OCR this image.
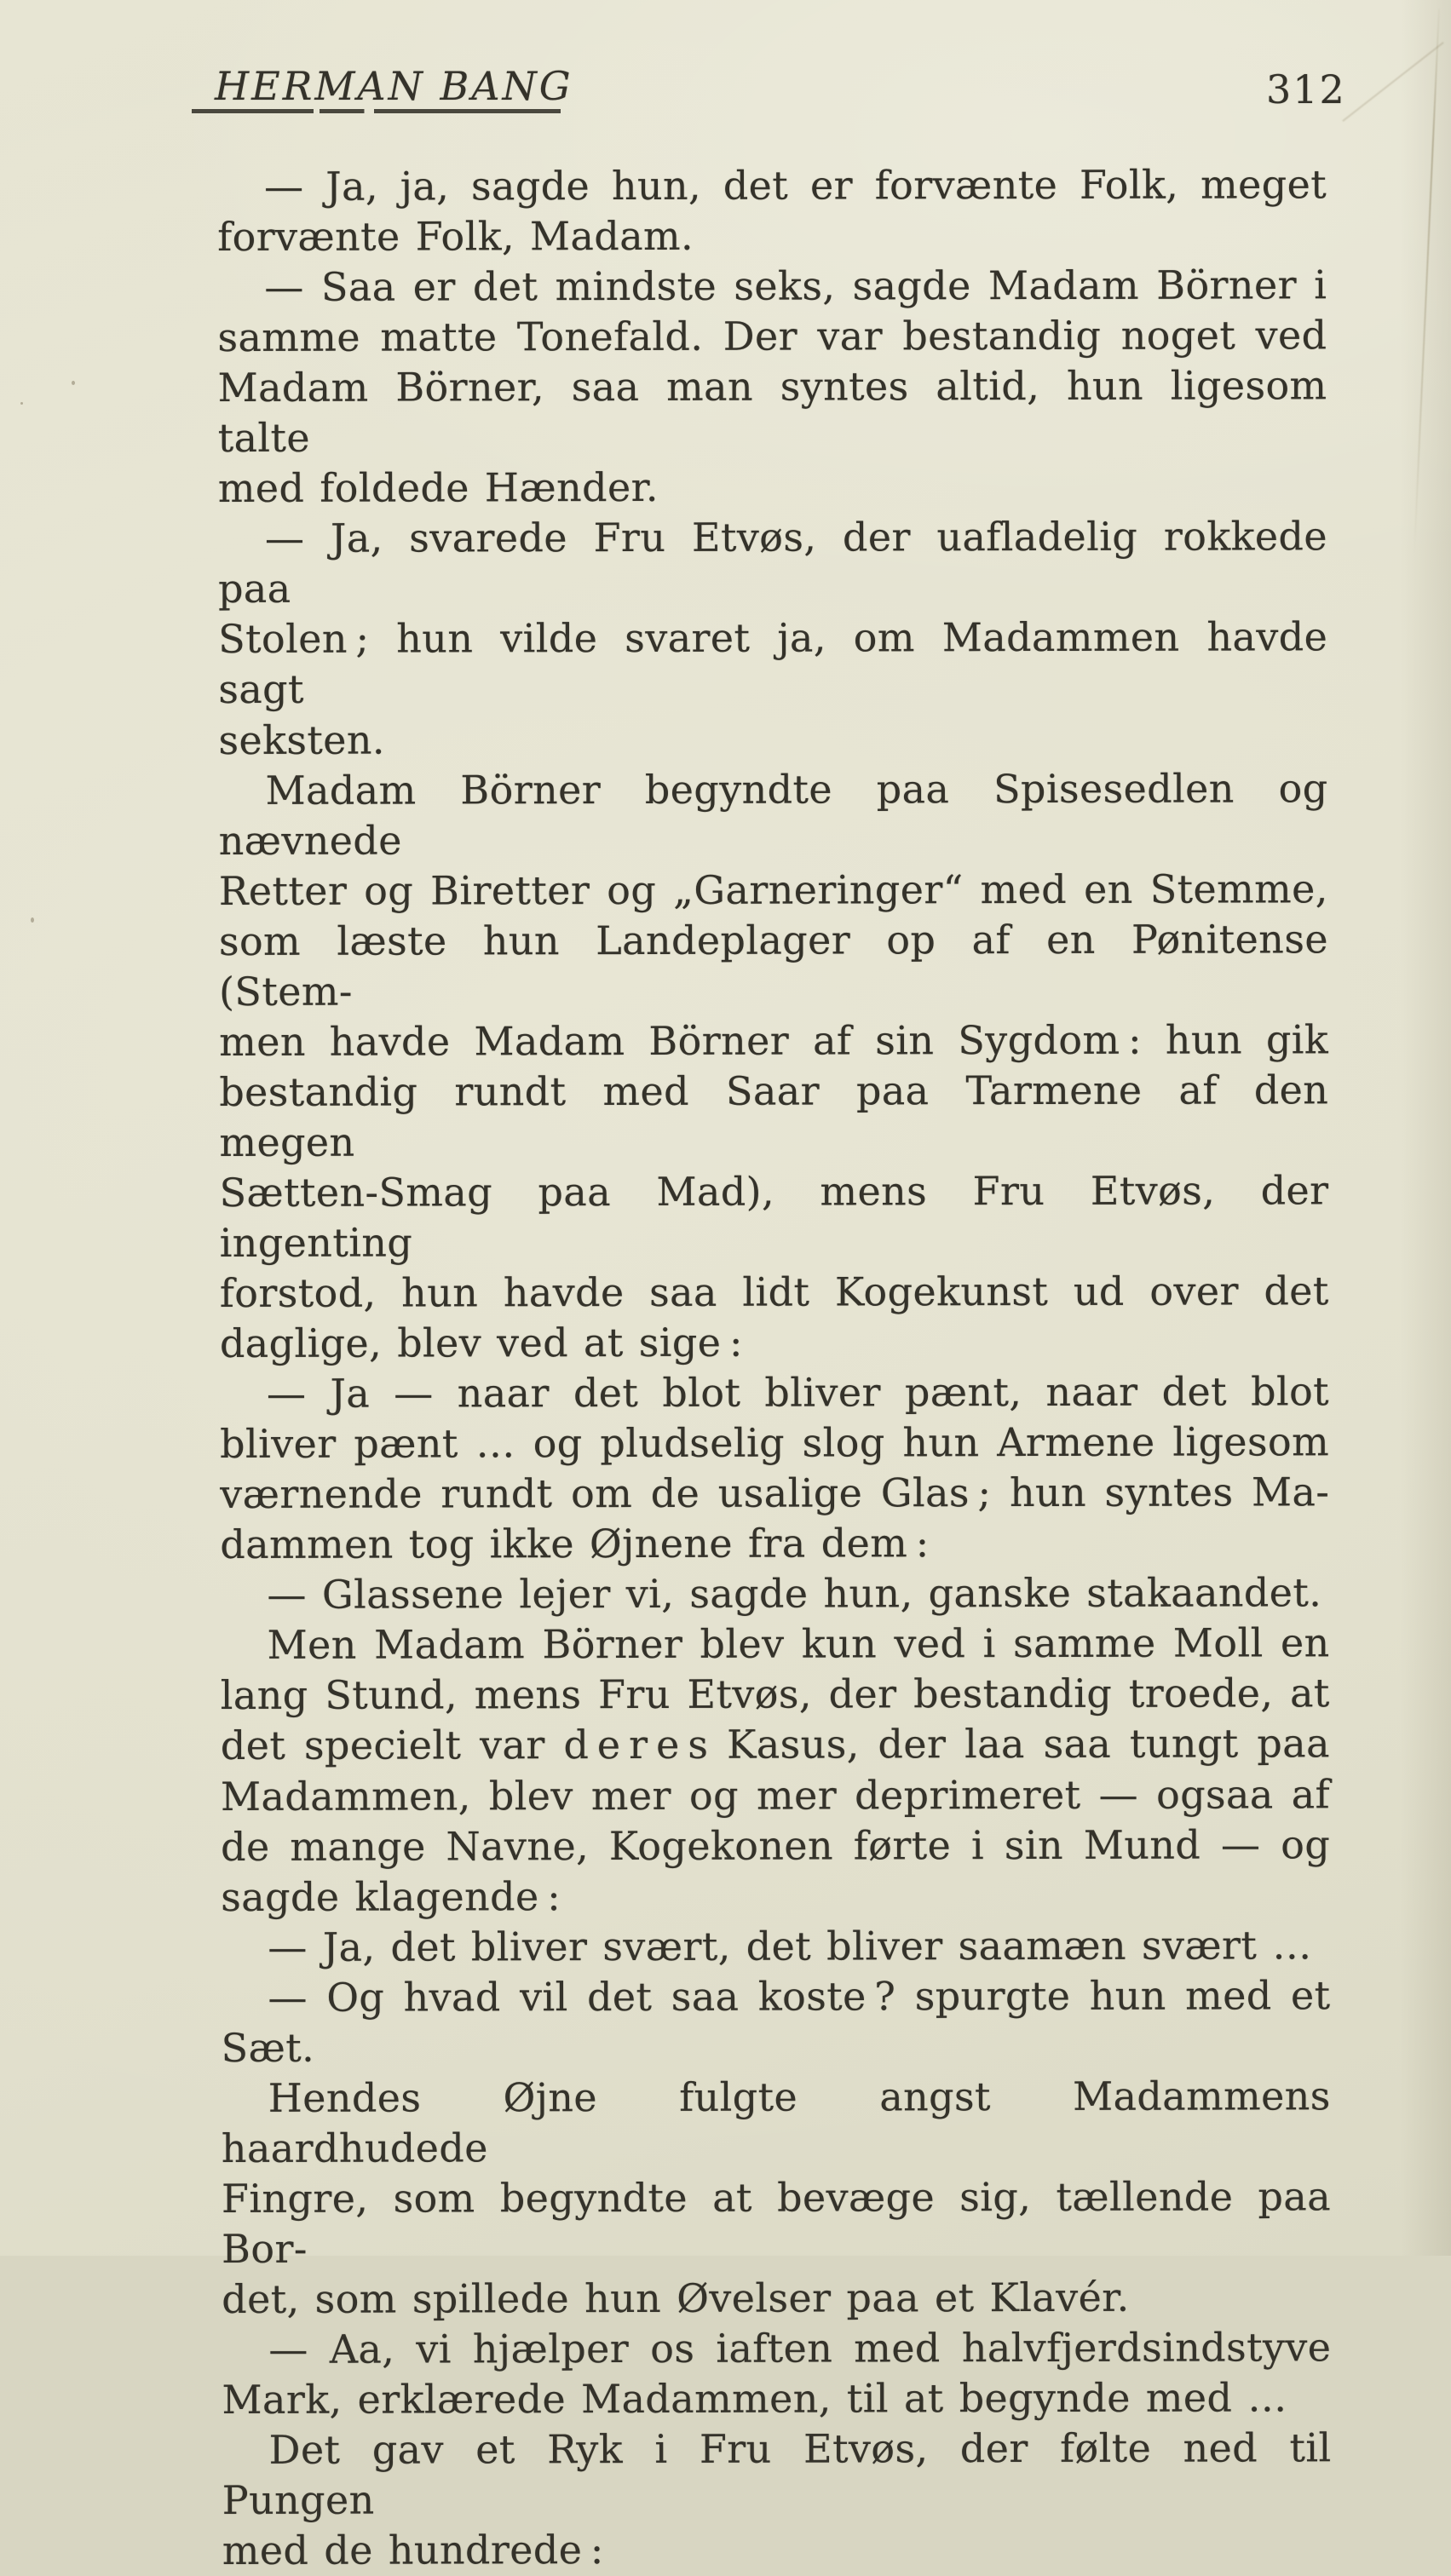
HERMAN BANG	312
— Ja, ja, sagde hun, det er forvænte Folk, meget
forvænte Folk, Madam.
— Saa er det mindste seks, sagde Madam Börner i
samme matte Tonefald. Der var bestandig noget ved
Madam Börner, saa man syntes altid, hun ligesom talte
med foldede Hænder.
— Ja, svarede Fru Etvøs, der uafladelig rokkede paa
Stolen ; hun vilde svaret ja, om Madammen havde sagt
seksten.
Madam Börner begyndte paa Spisesedlen og nævnede
Retter og Biretter og „Garneringer“ med en Stemme,
som læste hun Landeplager op af en Pønitense (Stem-
men havde Madam Börner af sin Sygdom : hun gik
bestandig rundt med Saar paa Tarmene af den megen
Sætten-Smag paa Mad), mens Fru Etvøs, der ingenting
forstod, hun havde saa lidt Kogekunst ud over det
daglige, blev ved at sige :
— Ja — naar det blot bliver pænt, naar det blot
bliver pænt … og pludselig slog hun Armene ligesom
værnende rundt om de usalige Glas ; hun syntes Ma-
dammen tog ikke Øjnene fra dem :
— Glassene lejer vi, sagde hun, ganske stakaandet.
Men Madam Börner blev kun ved i samme Moll en
lang Stund, mens Fru Etvøs, der bestandig troede, at
det specielt var d e r e s Kasus, der laa saa tungt paa
Madammen, blev mer og mer deprimeret — ogsaa af
de mange Navne, Kogekonen førte i sin Mund — og
sagde klagende :
— Ja, det bliver svært, det bliver saamæn svært …
— Og hvad vil det saa koste ? spurgte hun med et
Sæt.
Hendes Øjne fulgte angst Madammens haardhudede
Fingre, som begyndte at bevæge sig, tællende paa Bor-
det, som spillede hun Øvelser paa et Klavér.
— Aa, vi hjælper os iaften med halvfjerdsindstyve
Mark, erklærede Madammen, til at begynde med …
Det gav et Ryk i Fru Etvøs, der følte ned til Pungen
med de hundrede :
